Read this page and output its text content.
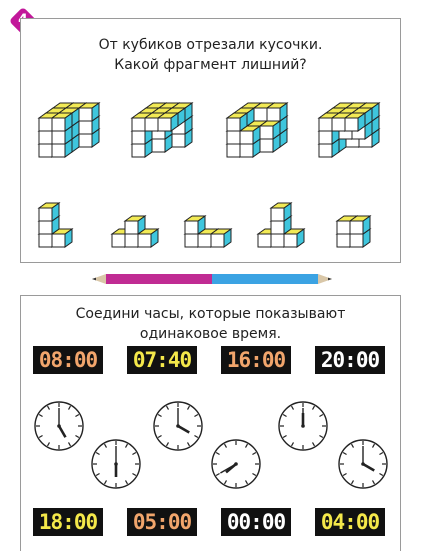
От кубиков отрезали кусочки.
Какой фрагмент лишний?
Соедини часы, которые показывают
одинаковое время.
08:00 07:40 16:00 20:00
18:00 05:00 00:00 04:00
